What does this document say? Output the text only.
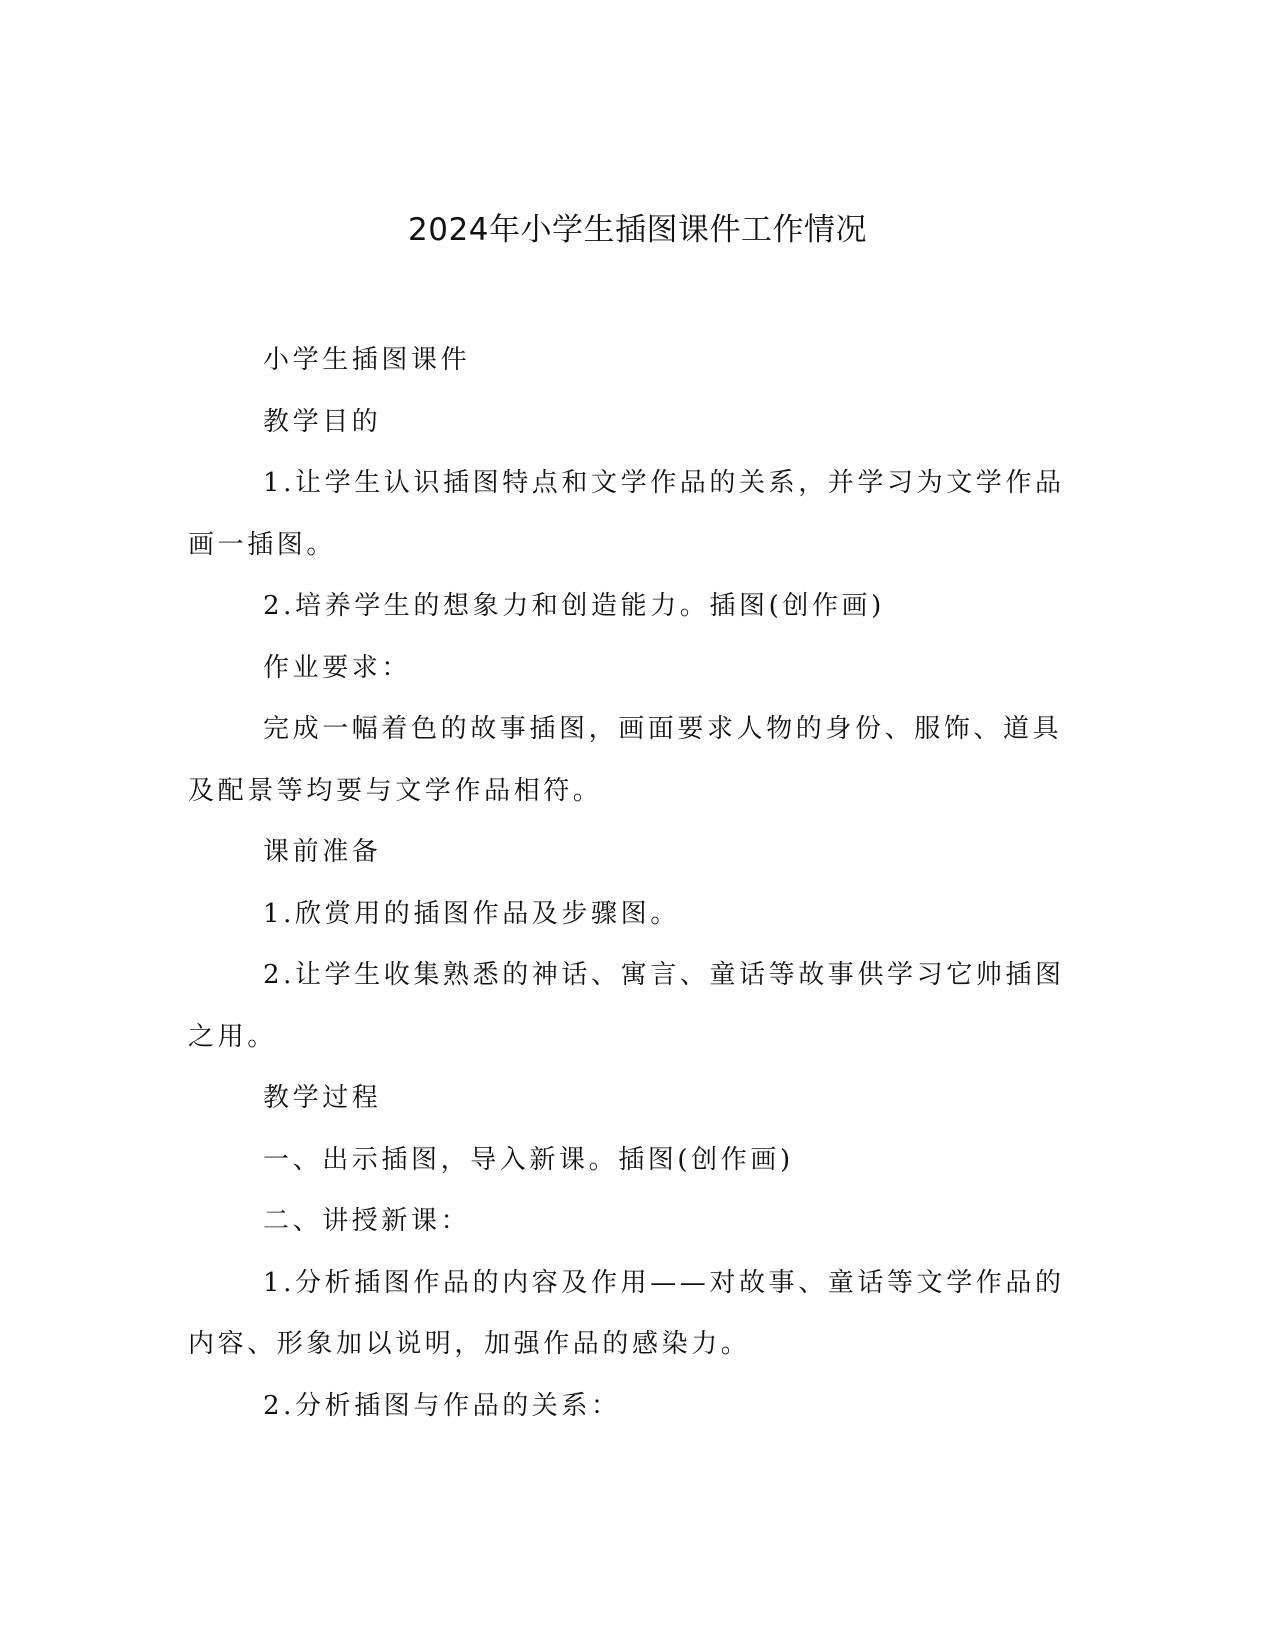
2024年小学生插图课件工作情况

小学生插图课件

教学目的

1.让学生认识插图特点和文学作品的关系，并学习为文学作品画一插图。

2.培养学生的想象力和创造能力。插图(创作画)

作业要求：

完成一幅着色的故事插图，画面要求人物的身份、服饰、道具及配景等均要与文学作品相符。

课前准备

1.欣赏用的插图作品及步骤图。

2.让学生收集熟悉的神话、寓言、童话等故事供学习它帅插图之用。

教学过程

一、出示插图，导入新课。插图(创作画)

二、讲授新课：

1.分析插图作品的内容及作用——对故事、童话等文学作品的内容、形象加以说明，加强作品的感染力。

2.分析插图与作品的关系：
